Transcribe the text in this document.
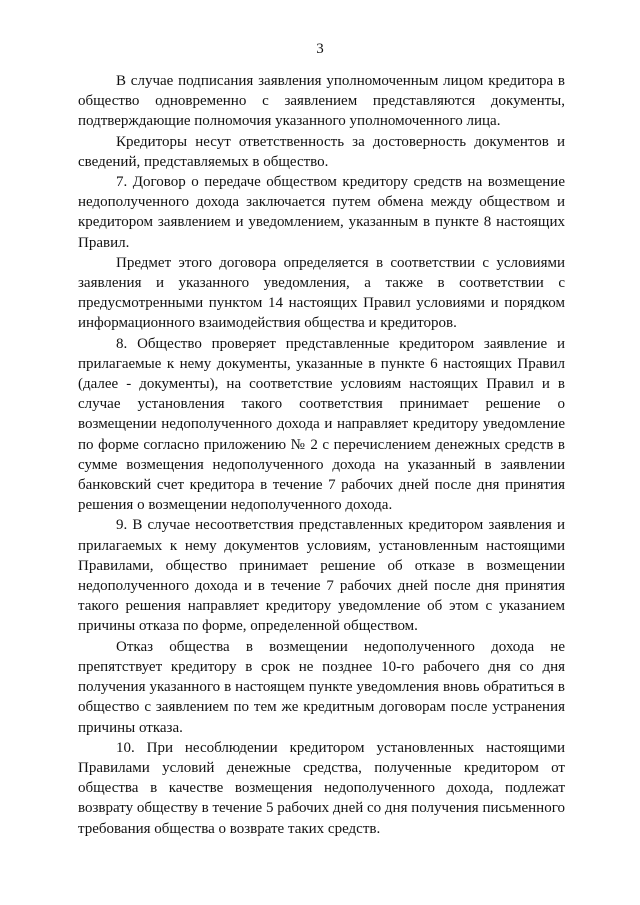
3

В случае подписания заявления уполномоченным лицом кредитора в общество одновременно с заявлением представляются документы, подтверждающие полномочия указанного уполномоченного лица.

Кредиторы несут ответственность за достоверность документов и сведений, представляемых в общество.

7. Договор о передаче обществом кредитору средств на возмещение недополученного дохода заключается путем обмена между обществом и кредитором заявлением и уведомлением, указанным в пункте 8 настоящих Правил.

Предмет этого договора определяется в соответствии с условиями заявления и указанного уведомления, а также в соответствии с предусмотренными пунктом 14 настоящих Правил условиями и порядком информационного взаимодействия общества и кредиторов.

8. Общество проверяет представленные кредитором заявление и прилагаемые к нему документы, указанные в пункте 6 настоящих Правил (далее - документы), на соответствие условиям настоящих Правил и в случае установления такого соответствия принимает решение о возмещении недополученного дохода и направляет кредитору уведомление по форме согласно приложению № 2 с перечислением денежных средств в сумме возмещения недополученного дохода на указанный в заявлении банковский счет кредитора в течение 7 рабочих дней после дня принятия решения о возмещении недополученного дохода.

9. В случае несоответствия представленных кредитором заявления и прилагаемых к нему документов условиям, установленным настоящими Правилами, общество принимает решение об отказе в возмещении недополученного дохода и в течение 7 рабочих дней после дня принятия такого решения направляет кредитору уведомление об этом с указанием причины отказа по форме, определенной обществом.

Отказ общества в возмещении недополученного дохода не препятствует кредитору в срок не позднее 10-го рабочего дня со дня получения указанного в настоящем пункте уведомления вновь обратиться в общество с заявлением по тем же кредитным договорам после устранения причины отказа.

10. При несоблюдении кредитором установленных настоящими Правилами условий денежные средства, полученные кредитором от общества в качестве возмещения недополученного дохода, подлежат возврату обществу в течение 5 рабочих дней со дня получения письменного требования общества о возврате таких средств.
